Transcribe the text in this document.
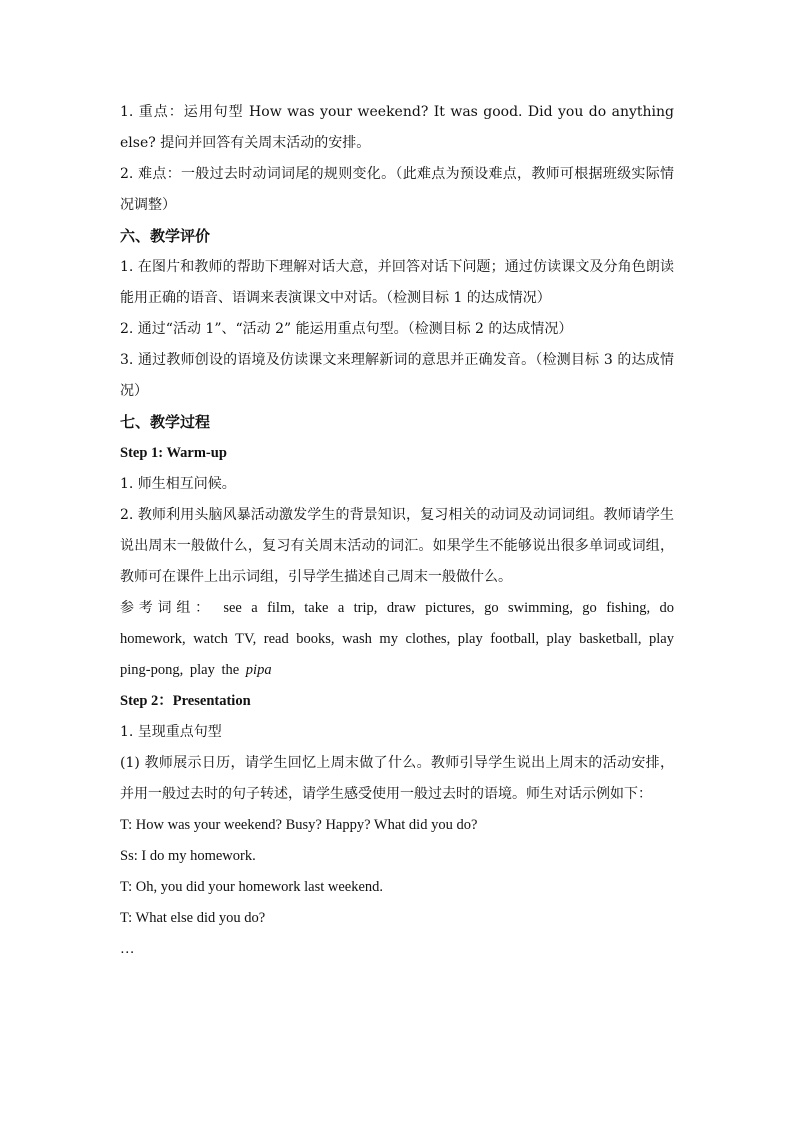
1. 重点：运用句型 How was your weekend? It was good. Did you do anything else? 提问并回答有关周末活动的安排。

2. 难点：一般过去时动词词尾的规则变化。（此难点为预设难点，教师可根据班级实际情况调整）

六、教学评价

1. 在图片和教师的帮助下理解对话大意，并回答对话下问题；通过仿读课文及分角色朗读能用正确的语音、语调来表演课文中对话。（检测目标 1 的达成情况）

2. 通过“活动 1”、“活动 2” 能运用重点句型。（检测目标 2 的达成情况）

3. 通过教师创设的语境及仿读课文来理解新词的意思并正确发音。（检测目标 3 的达成情况）

七、教学过程

Step 1: Warm-up

1. 师生相互问候。

2. 教师利用头脑风暴活动激发学生的背景知识，复习相关的动词及动词词组。教师请学生说出周末一般做什么，复习有关周末活动的词汇。如果学生不能够说出很多单词或词组，教师可在课件上出示词组，引导学生描述自己周末一般做什么。

参考词组： see a film, take a trip, draw pictures, go swimming, go fishing, do homework, watch TV, read books, wash my clothes, play football, play basketball, play ping-pong, play the pipa

Step 2：Presentation

1. 呈现重点句型

(1) 教师展示日历，请学生回忆上周末做了什么。教师引导学生说出上周末的活动安排，并用一般过去时的句子转述，请学生感受使用一般过去时的语境。师生对话示例如下：

T: How was your weekend? Busy? Happy? What did you do?

Ss: I do my homework.

T: Oh, you did your homework last weekend.

T: What else did you do?

…
